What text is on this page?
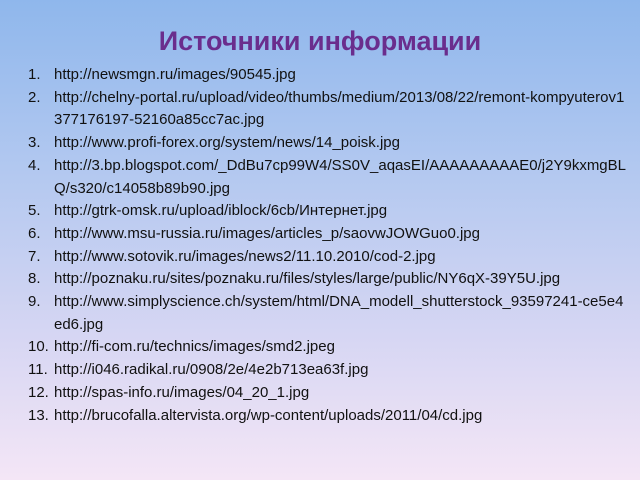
Источники информации
1. http://newsmgn.ru/images/90545.jpg
2. http://chelny-portal.ru/upload/video/thumbs/medium/2013/08/22/remont-kompyuterov1377176197-52160a85cc7ac.jpg
3. http://www.profi-forex.org/system/news/14_poisk.jpg
4. http://3.bp.blogspot.com/_DdBu7cp99W4/SS0V_aqasEI/AAAAAAAAAE0/j2Y9kxmgBLQ/s320/c14058b89b90.jpg
5. http://gtrk-omsk.ru/upload/iblock/6cb/Интернет.jpg
6. http://www.msu-russia.ru/images/articles_p/saovwJOWGuo0.jpg
7. http://www.sotovik.ru/images/news2/11.10.2010/cod-2.jpg
8. http://poznaku.ru/sites/poznaku.ru/files/styles/large/public/NY6qX-39Y5U.jpg
9. http://www.simplyscience.ch/system/html/DNA_modell_shutterstock_93597241-ce5e4ed6.jpg
10. http://fi-com.ru/technics/images/smd2.jpeg
11. http://i046.radikal.ru/0908/2e/4e2b713ea63f.jpg
12. http://spas-info.ru/images/04_20_1.jpg
13. http://brucofalla.altervista.org/wp-content/uploads/2011/04/cd.jpg
